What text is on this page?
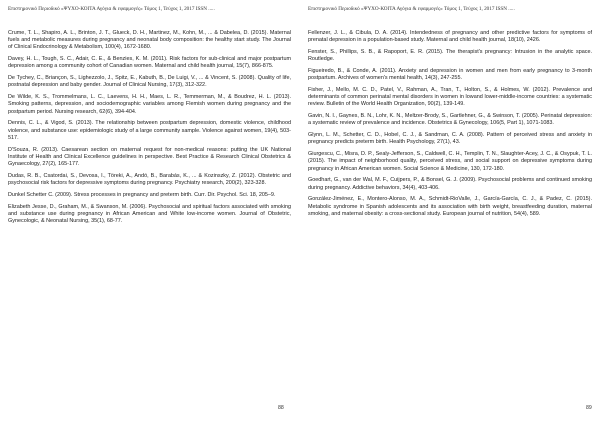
Επιστημονικό Περιοδικό «ΨΥΧΟ-ΚΟΙΤΑ Αγόγια & εφαρμογές» Τόμος 1, Τεύχος 1, 2017 ISSN .....

Crume, T. L., Shapiro, A. L., Brinton, J. T., Glueck, D. H., Martinez, M., Kohn, M., ... & Dabelea, D. (2015). Maternal fuels and metabolic measures during pregnancy and neonatal body composition: the healthy start study. The Journal of Clinical Endocrinology & Metabolism, 100(4), 1672-1680.

Davey, H. L., Tough, S. C., Adair, C. E., & Benzies, K. M. (2011). Risk factors for sub-clinical and major postpartum depression among a community cohort of Canadian women. Maternal and child health journal, 15(7), 866-875.

De Tychey, C., Briançon, S., Lighezzolo, J., Spitz, E., Kabuth, B., De Luigi, V., ... & Vincent, S. (2008). Quality of life, postnatal depression and baby gender. Journal of Clinical Nursing, 17(3), 312-322.

De Wilde, K. S., Trommelmans, L. C., Laevens, H. H., Maes, L. R., Temmerman, M., & Boudrez, H. L. (2013). Smoking patterns, depression, and sociodemographic variables among Flemish women during pregnancy and the postpartum period. Nursing research, 62(6), 394-404.

Dennis, C. L., & Vigod, S. (2013). The relationship between postpartum depression, domestic violence, childhood violence, and substance use: epidemiologic study of a large community sample. Violence against women, 19(4), 503-517.

D'Souza, R. (2013). Caesarean section on maternal request for non-medical reasons: putting the UK National Institute of Health and Clinical Excellence guidelines in perspective. Best Practice & Research Clinical Obstetrics & Gynaecology, 27(2), 165-177.

Dudas, R. B., Csatordai, S., Devosa, I., Töreki, A., Andó, B., Barabás, K., ... & Kozinszky, Z. (2012). Obstetric and psychosocial risk factors for depressive symptoms during pregnancy. Psychiatry research, 200(2), 323-328.

Dunkel Schetter C. (2009). Stress processes in pregnancy and preterm birth. Curr. Dir. Psychol. Sci. 18, 205–9.

Elizabeth Jesse, D., Graham, M., & Swanson, M. (2006). Psychosocial and spiritual factors associated with smoking and substance use during pregnancy in African American and White low‐income women. Journal of Obstetric, Gynecologic, & Neonatal Nursing, 35(1), 68-77.

88
Επιστημονικό Περιοδικό «ΨΥΧΟ-ΚΟΙΤΑ Αγόγια & εφαρμογές» Τόμος 1, Τεύχος 1, 2017 ISSN .....

Fellenzer, J. L., & Cibula, D. A. (2014). Intendedness of pregnancy and other predictive factors for symptoms of prenatal depression in a population-based study. Maternal and child health journal, 18(10), 2426.

Fenster, S., Phillips, S. B., & Rapoport, E. R. (2015). The therapist's pregnancy: Intrusion in the analytic space. Routledge.

Figueiredo, B., & Conde, A. (2011). Anxiety and depression in women and men from early pregnancy to 3-month postpartum. Archives of women's mental health, 14(3), 247-255.

Fisher, J., Mello, M. C. D., Patel, V., Rahman, A., Tran, T., Holton, S., & Holmes, W. (2012). Prevalence and determinants of common perinatal mental disorders in women in lowand lower-middle-income countries: a systematic review. Bulletin of the World Health Organization, 90(2), 139-149.

Gavin, N. I., Gaynes, B. N., Lohr, K. N., Meltzer-Brody, S., Gartlehner, G., & Swinson, T. (2005). Perinatal depression: a systematic review of prevalence and incidence. Obstetrics & Gynecology, 106(5, Part 1), 1071-1083.

Glynn, L. M., Schetter, C. D., Hobel, C. J., & Sandman, C. A. (2008). Pattern of perceived stress and anxiety in pregnancy predicts preterm birth. Health Psychology, 27(1), 43.

Giurgescu, C., Misra, D. P., Sealy-Jefferson, S., Caldwell, C. H., Templin, T. N., Slaughter-Acey, J. C., & Osypuk, T. L. (2015). The impact of neighborhood quality, perceived stress, and social support on depressive symptoms during pregnancy in African American women. Social Science & Medicine, 130, 172-180.

Goedhart, G., van der Wal, M. F., Cuijpers, P., & Bonsel, G. J. (2009). Psychosocial problems and continued smoking during pregnancy. Addictive behaviors, 34(4), 403-406.

González-Jiménez, E., Montero-Alonso, M. A., Schmidt-RioValle, J., García-García, C. J., & Padez, C. (2015). Metabolic syndrome in Spanish adolescents and its association with birth weight, breastfeeding duration, maternal smoking, and maternal obesity: a cross-sectional study. European journal of nutrition, 54(4), 589.

89
